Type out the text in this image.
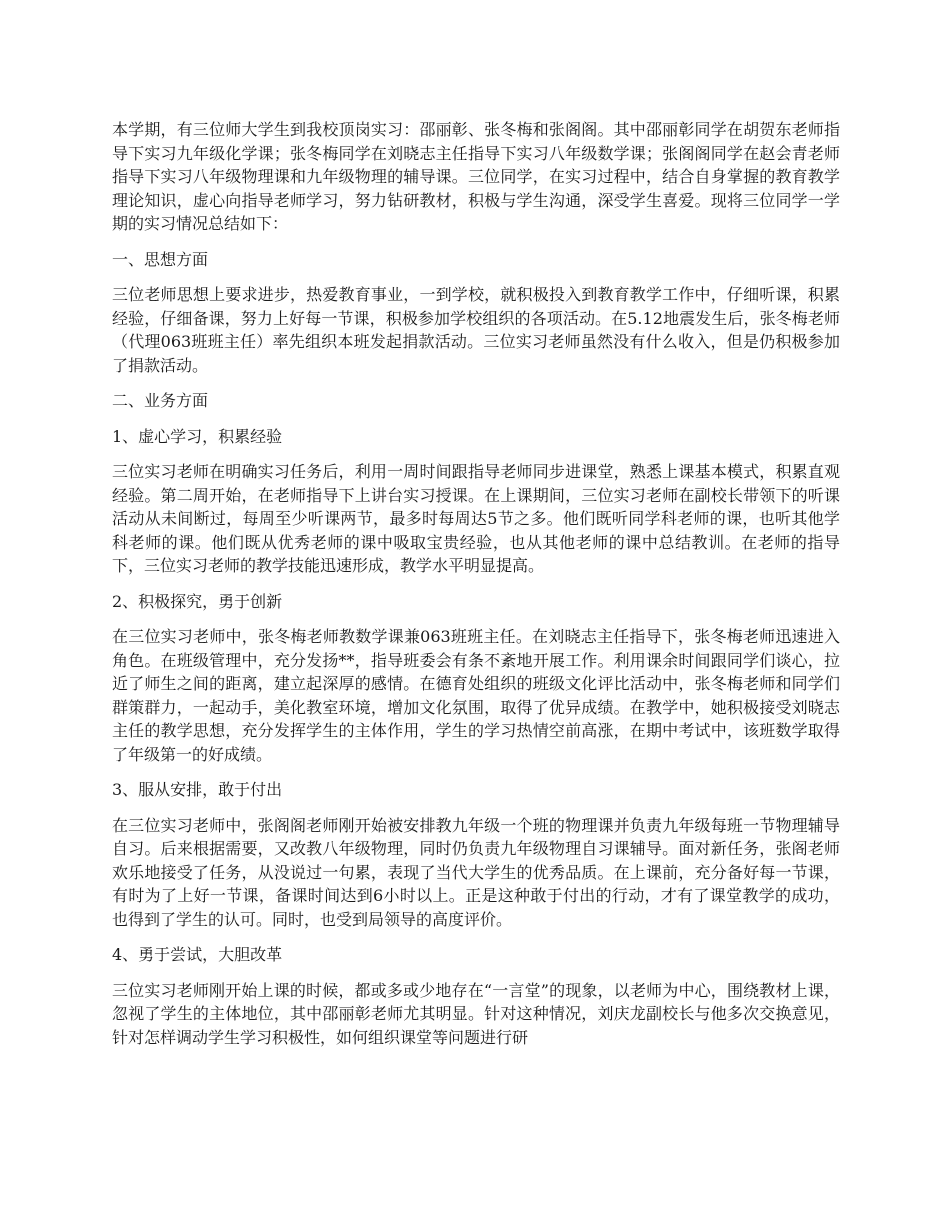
本学期，有三位师大学生到我校顶岗实习：邵丽彰、张冬梅和张阁阁。其中邵丽彰同学在胡贺东老师指导下实习九年级化学课；张冬梅同学在刘晓志主任指导下实习八年级数学课；张阁阁同学在赵会青老师指导下实习八年级物理课和九年级物理的辅导课。三位同学，在实习过程中，结合自身掌握的教育教学理论知识，虚心向指导老师学习，努力钻研教材，积极与学生沟通，深受学生喜爱。现将三位同学一学期的实习情况总结如下：

一、思想方面

三位老师思想上要求进步，热爱教育事业，一到学校，就积极投入到教育教学工作中，仔细听课，积累经验，仔细备课，努力上好每一节课，积极参加学校组织的各项活动。在5.12地震发生后，张冬梅老师（代理063班班主任）率先组织本班发起捐款活动。三位实习老师虽然没有什么收入，但是仍积极参加了捐款活动。

二、业务方面

1、虚心学习，积累经验

三位实习老师在明确实习任务后，利用一周时间跟指导老师同步进课堂，熟悉上课基本模式，积累直观经验。第二周开始，在老师指导下上讲台实习授课。在上课期间，三位实习老师在副校长带领下的听课活动从未间断过，每周至少听课两节，最多时每周达5节之多。他们既听同学科老师的课，也听其他学科老师的课。他们既从优秀老师的课中吸取宝贵经验，也从其他老师的课中总结教训。在老师的指导下，三位实习老师的教学技能迅速形成，教学水平明显提高。

2、积极探究，勇于创新

在三位实习老师中，张冬梅老师教数学课兼063班班主任。在刘晓志主任指导下，张冬梅老师迅速进入角色。在班级管理中，充分发扬**，指导班委会有条不紊地开展工作。利用课余时间跟同学们谈心，拉近了师生之间的距离，建立起深厚的感情。在德育处组织的班级文化评比活动中，张冬梅老师和同学们群策群力，一起动手，美化教室环境，增加文化氛围，取得了优异成绩。在教学中，她积极接受刘晓志主任的教学思想，充分发挥学生的主体作用，学生的学习热情空前高涨，在期中考试中，该班数学取得了年级第一的好成绩。

3、服从安排，敢于付出

在三位实习老师中，张阁阁老师刚开始被安排教九年级一个班的物理课并负责九年级每班一节物理辅导自习。后来根据需要，又改教八年级物理，同时仍负责九年级物理自习课辅导。面对新任务，张阁老师欢乐地接受了任务，从没说过一句累，表现了当代大学生的优秀品质。在上课前，充分备好每一节课，有时为了上好一节课，备课时间达到6小时以上。正是这种敢于付出的行动，才有了课堂教学的成功，也得到了学生的认可。同时，也受到局领导的高度评价。

4、勇于尝试，大胆改革

三位实习老师刚开始上课的时候，都或多或少地存在“一言堂”的现象，以老师为中心，围绕教材上课，忽视了学生的主体地位，其中邵丽彰老师尤其明显。针对这种情况，刘庆龙副校长与他多次交换意见，针对怎样调动学生学习积极性，如何组织课堂等问题进行研
